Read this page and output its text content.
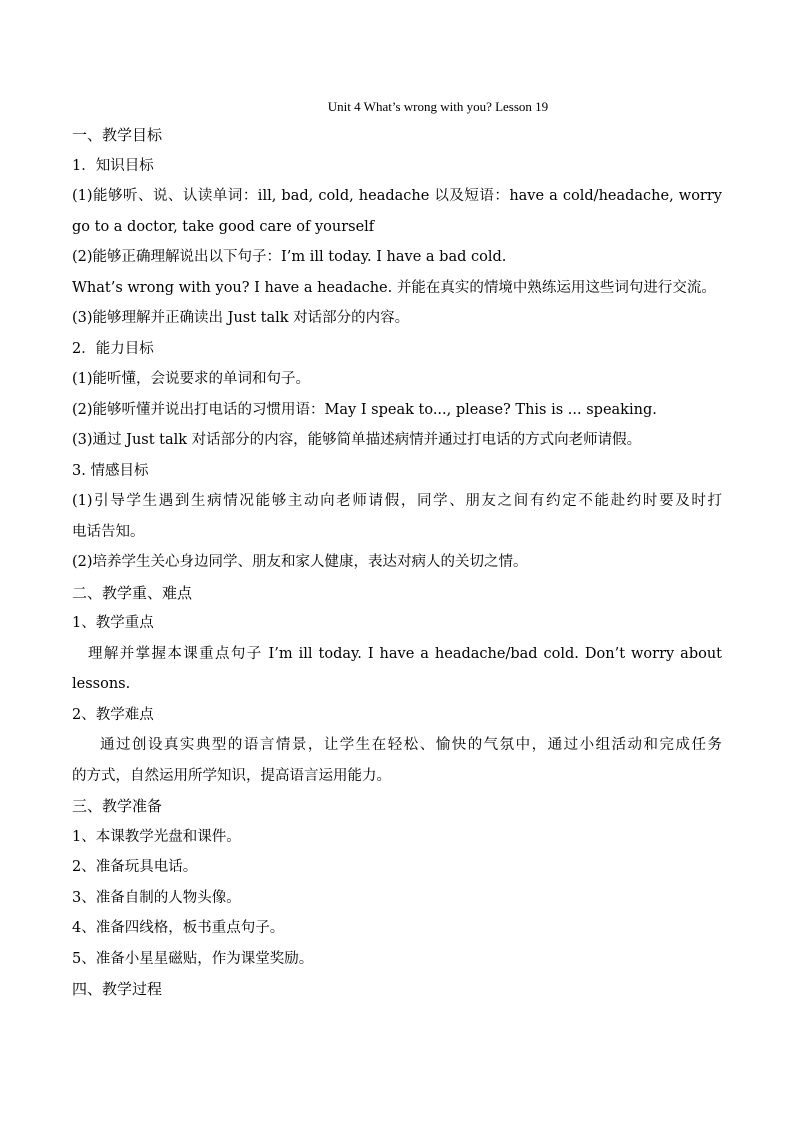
Unit 4 What’s wrong with you? Lesson 19
一、教学目标
1．知识目标
(1)能够听、说、认读单词：ill, bad, cold, headache 以及短语：have a cold/headache, worry
go to a doctor, take good care of yourself
(2)能够正确理解说出以下句子：I’m ill today. I have a bad cold.
What’s wrong with you? I have a headache. 并能在真实的情境中熟练运用这些词句进行交流。
(3)能够理解并正确读出 Just talk 对话部分的内容。
2．能力目标
(1)能听懂，会说要求的单词和句子。
(2)能够听懂并说出打电话的习惯用语：May I speak to..., please? This is ... speaking.
(3)通过 Just talk 对话部分的内容，能够简单描述病情并通过打电话的方式向老师请假。
3. 情感目标
(1)引导学生遇到生病情况能够主动向老师请假，同学、朋友之间有约定不能赴约时要及时打
电话告知。
(2)培养学生关心身边同学、朋友和家人健康，表达对病人的关切之情。
二、教学重、难点
1、教学重点
理解并掌握本课重点句子 I’m ill today. I have a headache/bad cold. Don’t worry about
lessons.
2、教学难点
通过创设真实典型的语言情景，让学生在轻松、愉快的气氛中，通过小组活动和完成任务
的方式，自然运用所学知识，提高语言运用能力。
三、教学准备
1、本课教学光盘和课件。
2、准备玩具电话。
3、准备自制的人物头像。
4、准备四线格，板书重点句子。
5、准备小星星磁贴，作为课堂奖励。
四、教学过程
